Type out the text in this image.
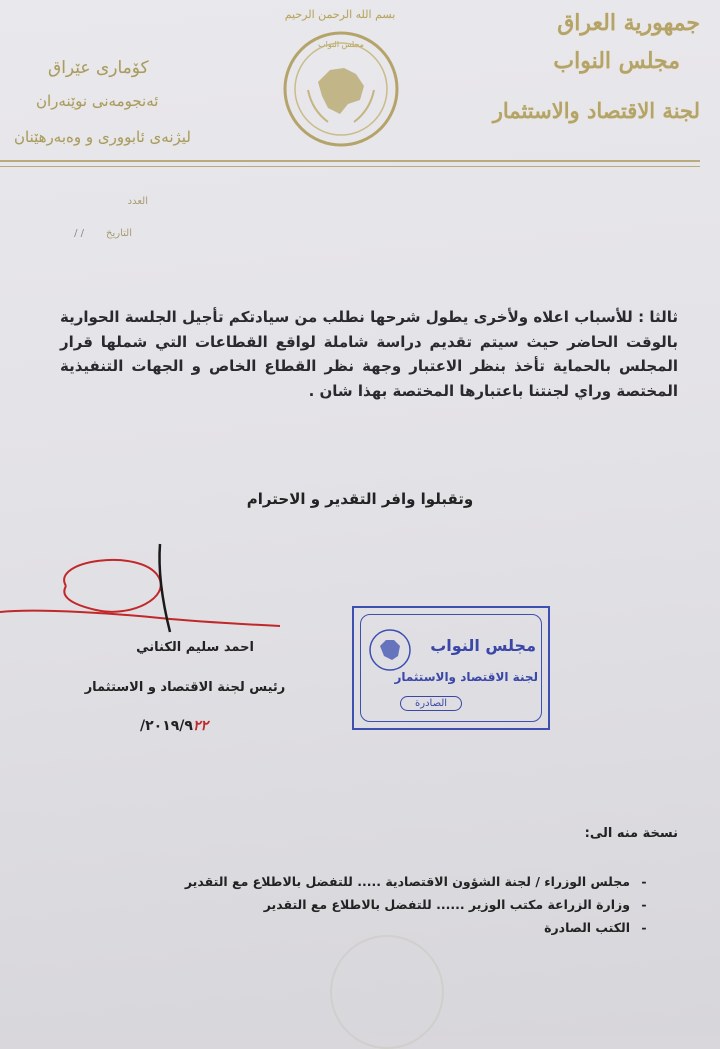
جمهورية العراق
مجلس النواب
لجنة الاقتصاد والاستثمار
كۆماری عێراق
ئەنجومەنی نوێنەران
لیژنەی ئابووری و وەبەرهێنان
بسم الله الرحمن الرحيم
مجلس النواب
العدد
التاريخ
/ /
ثالثا : للأسباب اعلاه ولأخرى يطول شرحها نطلب من سيادتكم تأجيل الجلسة الحوارية بالوقت الحاضر حيث سيتم تقديم دراسة شاملة لواقع القطاعات التي شملها قرار المجلس بالحماية تأخذ بنظر الاعتبار وجهة نظر القطاع الخاص و الجهات التنفيذية المختصة وراي لجنتنا باعتبارها المختصة بهذا شان .
وتقبلوا وافر التقدير و الاحترام
احمد سليم الكناني
رئيس لجنة الاقتصاد و الاستثمار
/٢٠١٩/٩٢٢
مجلس النواب
لجنة الاقتصاد والاستثمار
الصادرة
نسخة منه الى:
-
مجلس الوزراء / لجنة الشؤون الاقتصادية ..... للتفضل بالاطلاع مع التقدير
-
وزارة الزراعة مكتب الوزير ...... للتفضل بالاطلاع مع التقدير
-
الكتب الصادرة
